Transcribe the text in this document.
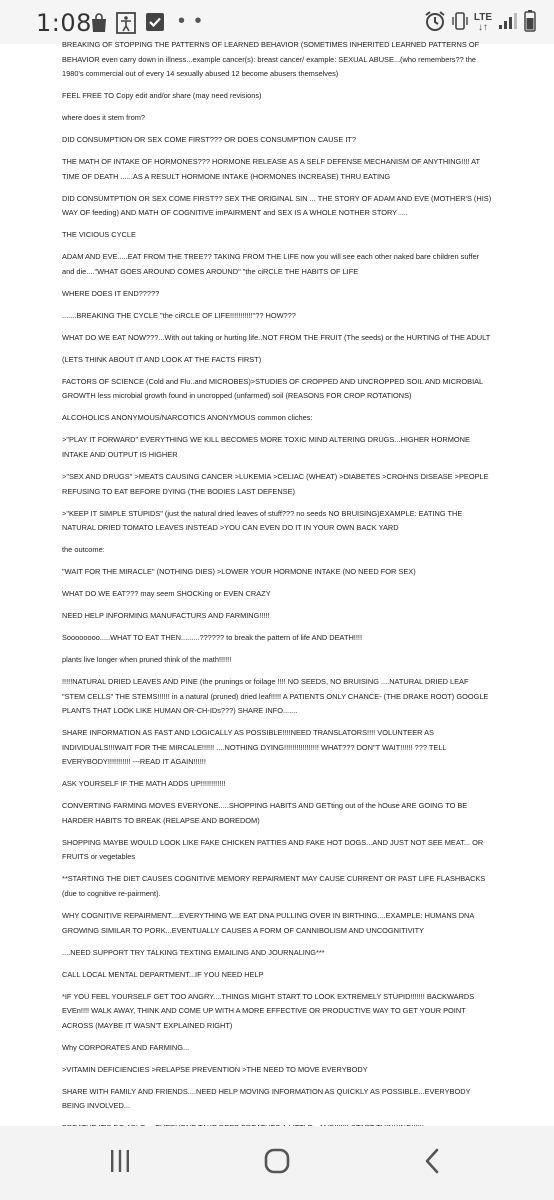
1:08	• •	LTE
↓↑

BREAKING OF STOPPING THE PATTERNS OF LEARNED BEHAVIOR (SOMETIMES INHERITED LEARNED PATTERNS OF BEHAVIOR even carry down in illness...example cancer(s): breast cancer/ example: SEXUAL ABUSE...(who remembers?? the 1980's commercial out of every 14 sexually abused 12 become abusers themselves)

FEEL FREE TO Copy edit and/or share (may need revisions)

where does it stem from?

DID CONSUMPTION OR SEX COME FIRST??? OR DOES CONSUMPTION CAUSE IT?

THE MATH OF INTAKE OF HORMONES??? HORMONE RELEASE AS A SELF DEFENSE MECHANISM OF ANYTHING!!!! AT TIME OF DEATH ......AS A RESULT HORMONE INTAKE (HORMONES INCREASE) THRU EATING

DID CONSUMTPTION OR SEX COME FIRST?? SEX THE ORIGINAL SIN ... THE STORY OF ADAM AND EVE (MOTHER'S (HIS) WAY OF feeding) AND MATH OF COGNITIVE imPAIRMENT and SEX IS A WHOLE NOTHER STORY ....

THE VICIOUS CYCLE

ADAM AND EVE.....EAT FROM THE TREE?? TAKING FROM THE LIFE now you will see each other naked bare children suffer and die...."WHAT GOES AROUND COMES AROUND" "the ciRCLE THE HABITS OF LIFE

WHERE DOES IT END?????

.......BREAKING THE CYCLE "the ciRCLE OF LIFE!!!!!!!!!!!"?? HOW???

WHAT DO WE EAT NOW???...With out taking or hurting life..NOT FROM THE FRUIT (The seeds) or the HURTING of THE ADULT

(LETS THINK ABOUT IT AND LOOK AT THE FACTS FIRST)

FACTORS OF SCIENCE (Cold and Flu..and MICROBES)>STUDIES OF CROPPED AND UNCROPPED SOIL AND MICROBIAL GROWTH less microbial growth found in uncropped (unfarmed) soil (REASONS FOR CROP ROTATIONS)

ALCOHOLICS ANONYMOUS/NARCOTICS ANONYMOUS common cliches:

>"PLAY IT FORWARD" EVERYTHING WE KILL BECOMES MORE TOXIC MIND ALTERING DRUGS...HIGHER HORMONE INTAKE AND OUTPUT IS HIGHER

>"SEX AND DRUGS" >MEATS CAUSING CANCER >LUKEMIA >CELIAC (WHEAT) >DIABETES >CROHNS DISEASE >PEOPLE REFUSING TO EAT BEFORE DYING (THE BODIES LAST DEFENSE)

>"KEEP IT SIMPLE STUPIDS" (just the natural dried leaves of stuff??? no seeds NO BRUISING)EXAMPLE: EATING THE NATURAL DRIED TOMATO LEAVES INSTEAD >YOU CAN EVEN DO IT IN YOUR OWN BACK YARD

the outcome:

"WAIT FOR THE MIRACLE" (NOTHING DIES) >LOWER YOUR HORMONE INTAKE (NO NEED FOR SEX)

WHAT DO WE EAT??? may seem SHOCKing or EVEN CRAZY

NEED HELP INFORMING MANUFACTURS AND FARMING!!!!!

Soooooooo.....WHAT TO EAT THEN.........?????? to break the pattern of life AND DEATH!!!!

plants live longer when pruned think of the math!!!!!!

!!!!!NATURAL DRIED LEAVES AND PINE (the prunings or foilage !!!! NO SEEDS, NO BRUISING ....NATURAL DRIED LEAF "STEM CELLS" THE STEMS!!!!!! in a natural (pruned) dried leaf!!!!! A PATIENTS ONLY CHANCE- (THE DRAKE ROOT) GOOGLE PLANTS THAT LOOK LIKE HUMAN OR-CH-IDs???) SHARE INFO.......

SHARE INFORMATION AS FAST AND LOGICALLY AS POSSIBLE!!!!NEED TRANSLATORS!!!! VOLUNTEER AS INDIVIDUALS!!!WAIT FOR THE MIRCALE!!!!!! ....NOTHING DYING!!!!!!!!!!!!!!!!! WHAT??? DON"T WAIT!!!!!! ??? TELL EVERYBODY!!!!!!!!!!! ---READ IT AGAIN!!!!!!

ASK YOURSELF IF THE MATH ADDS UP!!!!!!!!!!!!

CONVERTING FARMING MOVES EVERYONE.....SHOPPING HABITS AND GETting out of the hOuse ARE GOING TO BE HARDER HABITS TO BREAK (RELAPSE AND BOREDOM)

SHOPPING MAYBE WOULD LOOK LIKE FAKE CHICKEN PATTIES AND FAKE HOT DOGS...AND JUST NOT SEE MEAT... OR FRUITS or vegetables

**STARTING THE DIET CAUSES COGNITIVE MEMORY REPAIRMENT MAY CAUSE CURRENT OR PAST LIFE FLASHBACKS (due to cognitive re-pairment).

WHY COGNITIVE REPAIRMENT....EVERYTHING WE EAT DNA PULLING OVER IN BIRTHING....EXAMPLE: HUMANS DNA GROWING SIMILAR TO PORK...EVENTUALLY CAUSES A FORM OF CANNIBOLISM AND UNCOGNITIVITY

....NEED SUPPORT TRY TALKING TEXTING EMAILING AND JOURNALING***

CALL LOCAL MENTAL DEPARTMENT...IF YOU NEED HELP

*IF YOU FEEL YOURSELF GET TOO ANGRY....THINGS MIGHT START TO LOOK EXTREMELY STUPID!!!!!!! BACKWARDS EVEn!!!! WALK AWAY, THINK AND COME UP WITH A MORE EFFECTIVE OR PRODUCTIVE WAY TO GET YOUR POINT ACROSS (MAYBE IT WASN'T EXPLAINED RIGHT)

Why CORPORATES AND FARMING...

>VITAMIN DEFICIENCIES >RELAPSE PREVENTION >THE NEED TO MOVE EVERYBODY

SHARE WITH FAMILY AND FRIENDS....NEED HELP MOVING INFORMATION AS QUICKLY AS POSSIBLE...EVERYBODY BEING INVOLVED...
